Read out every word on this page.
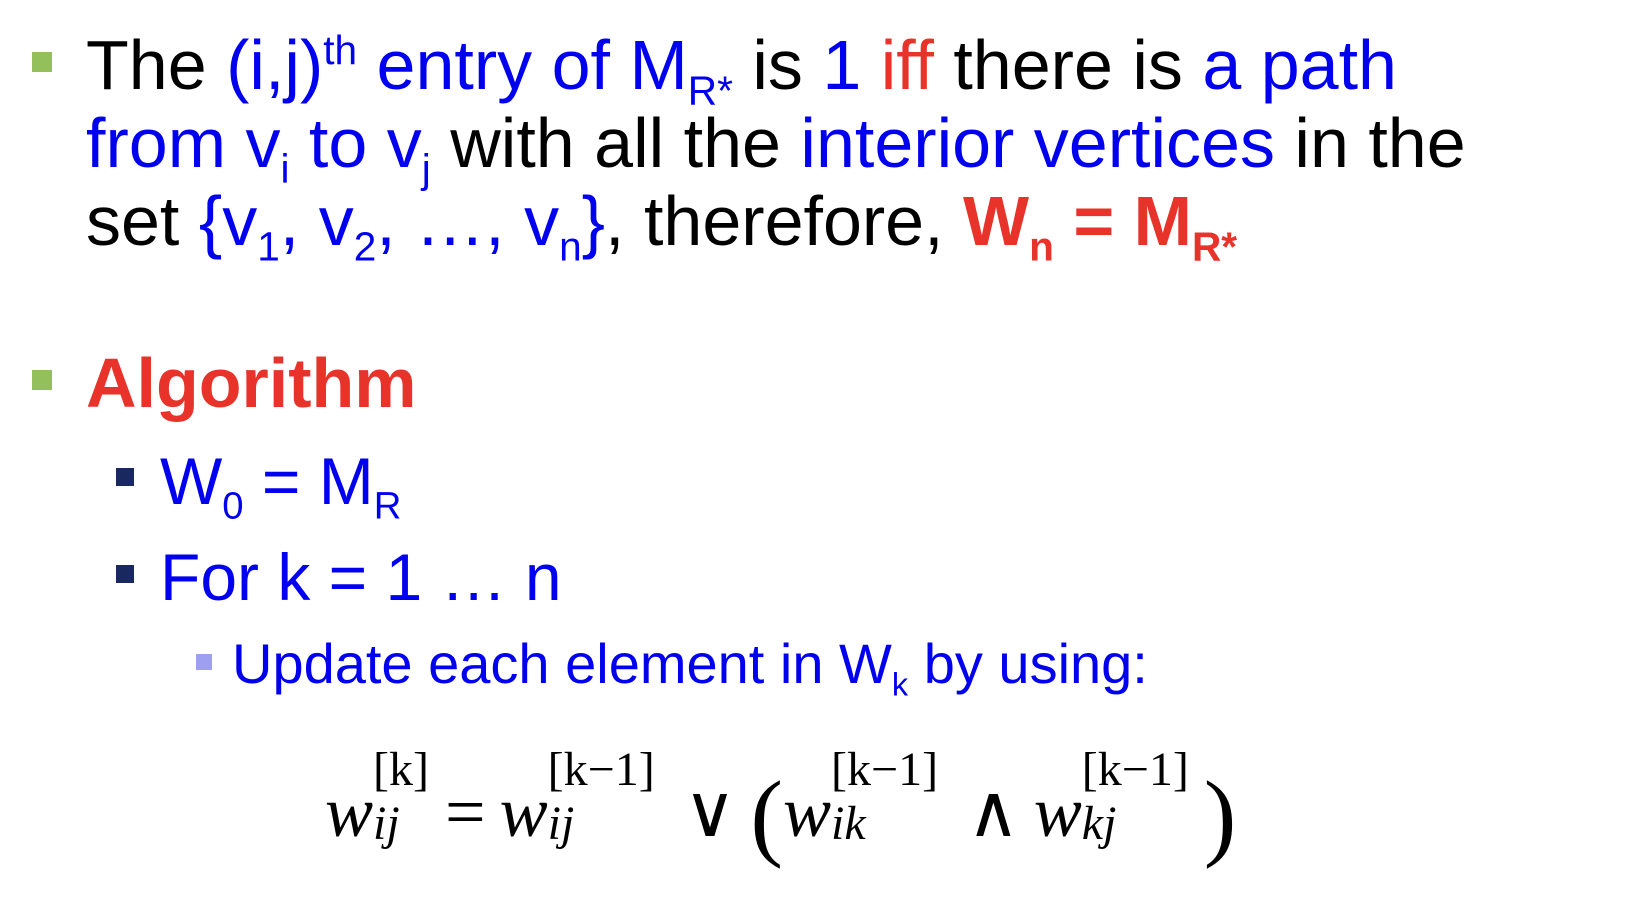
The $(i,j)^{th}$ entry of $M_{R*}$ is 1 iff there is a path
from $v_i$ to $v_j$ with all the interior vertices in the
set {$v_1$, $v_2$, …, $v_n$}, therefore, $W_n = M_{R*}$
Algorithm
$W_0 = M_R$
For k = 1 … n
Update each element in $W_k$ by using:
w
[k]
ij = w
[k−1]
ij ∨ (w
[k−1]
ik ∧ w
[k−1]
kj )
